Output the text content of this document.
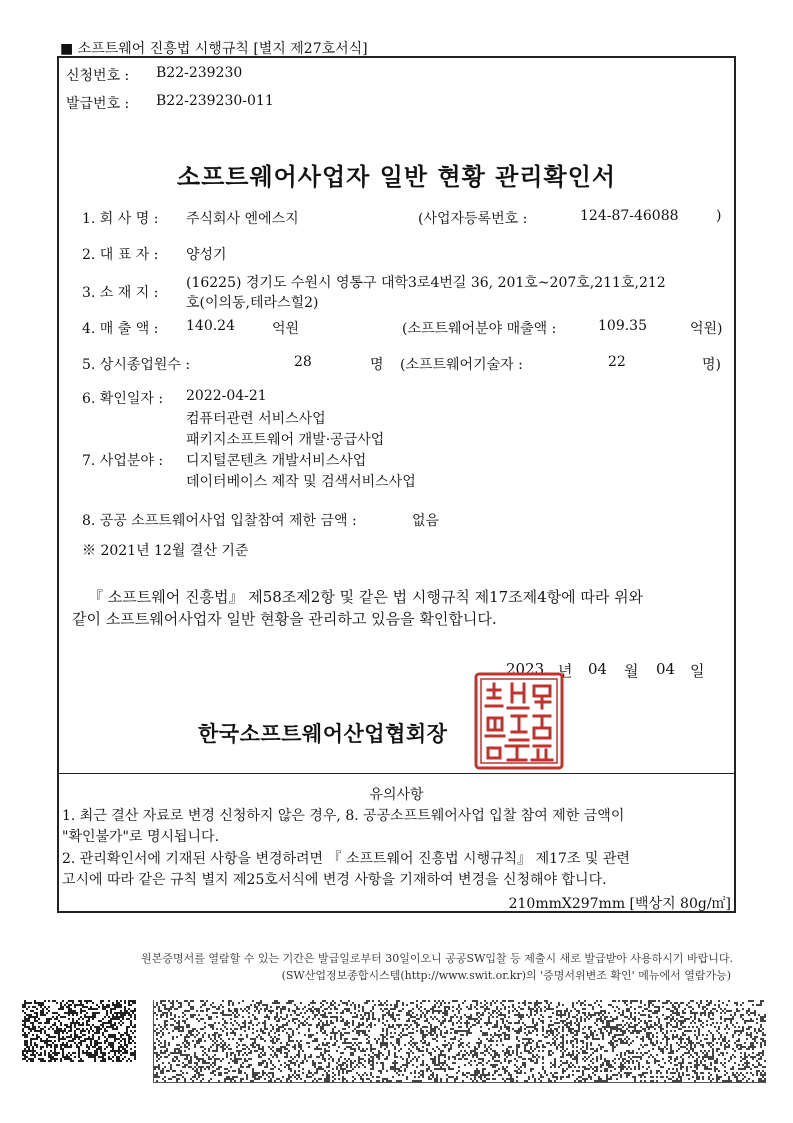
■ 소프트웨어 진흥법 시행규칙 [별지 제27호서식]
신청번호 : B22-239230
발급번호 : B22-239230-011
소프트웨어사업자 일반 현황 관리확인서
1. 회 사 명 : 주식회사 엔에스지	(사업자등록번호 :	124-87-46088	)
2. 대 표 자 : 양성기
3. 소 재 지 :
(16225) 경기도 수원시 영통구 대학3로4번길 36, 201호~207호,211호,212
호(이의동,테라스힐2)
4. 매 출 액 : 140.24	억원	(소프트웨어분야 매출액 :	109.35	억원)
5. 상시종업원수 :	28	명 (소프트웨어기술자 :	22	명)
6. 확인일자 : 2022-04-21
컴퓨터관련 서비스사업
패키지소프트웨어 개발·공급사업
7. 사업분야 : 디지털콘텐츠 개발서비스사업
데이터베이스 제작 및 검색서비스사업
8. 공공 소프트웨어사업 입찰참여 제한 금액 :	없음
※ 2021년 12월 결산 기준
『 소프트웨어 진흥법』 제58조제2항 및 같은 법 시행규칙 제17조제4항에 따라 위와
같이 소프트웨어사업자 일반 현황을 관리하고 있음을 확인합니다.
2023 년 04 월 04 일
한국소프트웨어산업협회장
유의사항
1. 최근 결산 자료로 변경 신청하지 않은 경우, 8. 공공소프트웨어사업 입찰 참여 제한 금액이
"확인불가"로 명시됩니다.
2. 관리확인서에 기재된 사항을 변경하려면 『 소프트웨어 진흥법 시행규칙』 제17조 및 관련
고시에 따라 같은 규칙 별지 제25호서식에 변경 사항을 기재하여 변경을 신청해야 합니다.
210mmX297mm [백상지 80g/㎡]
원본증명서를 열람할 수 있는 기간은 발급일로부터 30일이오니 공공SW입찰 등 제출시 새로 발급받아 사용하시기 바랍니다.
(SW산업정보종합시스템(http://www.swit.or.kr)의 '증명서위변조 확인' 메뉴에서 열람가능)
